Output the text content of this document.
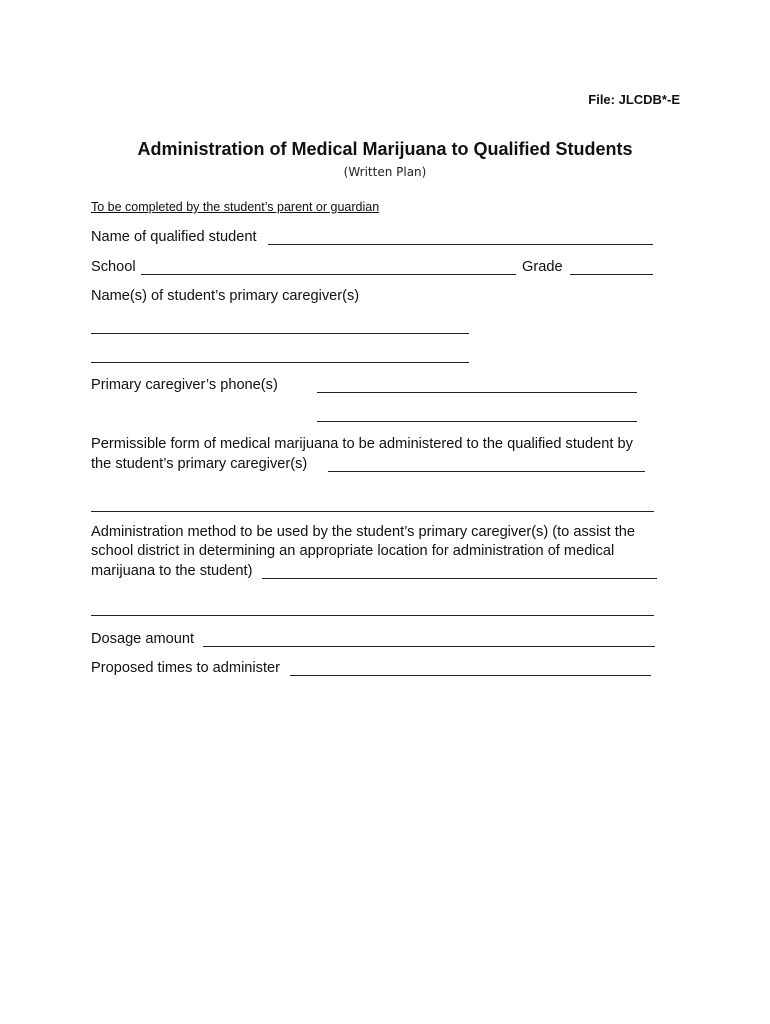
File: JLCDB*-E
Administration of Medical Marijuana to Qualified Students
(Written Plan)
To be completed by the student’s parent or guardian
Name of qualified student
School	Grade
Name(s) of student’s primary caregiver(s)
Primary caregiver’s phone(s)
Permissible form of medical marijuana to be administered to the qualified student by
the student’s primary caregiver(s)
Administration method to be used by the student’s primary caregiver(s) (to assist the
school district in determining an appropriate location for administration of medical
marijuana to the student)
Dosage amount
Proposed times to administer
